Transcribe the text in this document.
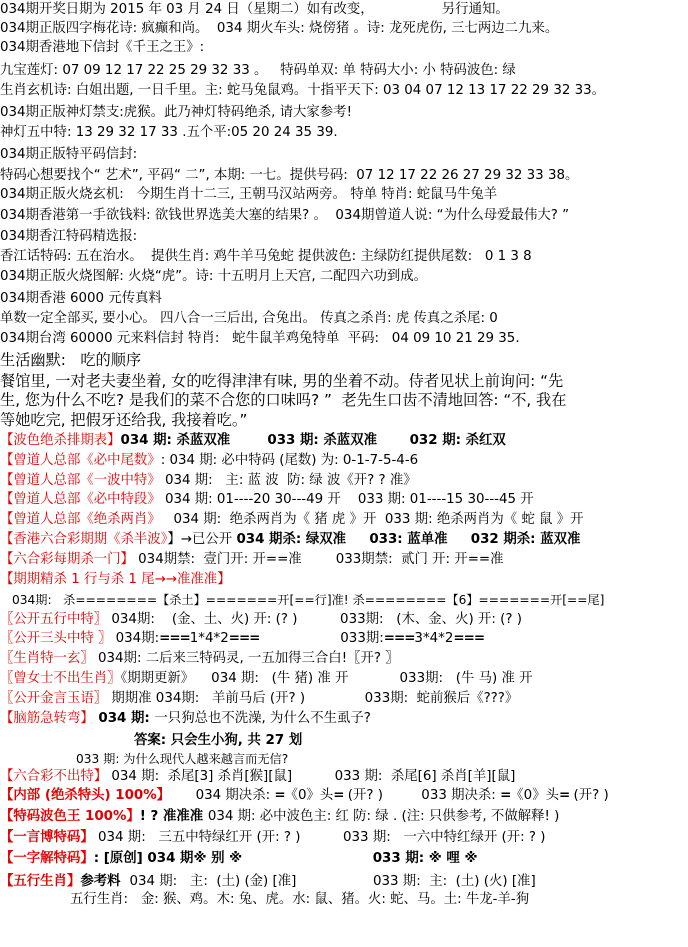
034期开奖日期为 2015 年 03 月 24 日（星期二）如有改变，                另行通知。
034期正版四字梅花诗: 疯癫和尚。  034 期火车头: 烧傍猪 。诗: 龙死虎伤, 三七两边二九来。
034期香港地下信封《千王之王》:
九宝莲灯: 07 09 12 17 22 25 29 32 33 。   特码单双: 单 特码大小: 小 特码波色: 绿
生肖玄机诗: 白姐出题, 一日千里。主: 蛇马兔鼠鸡。十指平天下: 03 04 07 12 13 17 22 29 32 33。
034期正版神灯禁支:虎猴。此乃神灯特码绝杀, 请大家参考!
神灯五中特: 13 29 32 17 33 .五个平:05 20 24 35 39.
034期正版特平码信封:
特码心想要找个“ 艺术”, 平码“ 二”, 本期: 一七。提供号码:  07 12 17 22 26 27 29 32 33 38。
034期正版火烧玄机:   今期生肖十二三, 王朝马汉站两旁。 特单 特肖: 蛇鼠马牛兔羊
034期香港第一手欲钱料: 欲钱世界选美大塞的结果? 。  034期曾道人说: “为什么母爱最伟大? ”
034期香江特码精选报:
香江话特码: 五在治水。  提供生肖: 鸡牛羊马兔蛇 提供波色: 主绿防红提供尾数:   0 1 3 8
034期正版火烧图解: 火烧“虎”。诗: 十五明月上天宫, 二配四六功到成。
034期香港 6000 元传真料
单数一定全部买, 要小心。 四八合一三后出, 合兔出。 传真之杀肖: 虎 传真之杀尾: 0
034期台湾 60000 元来料信封 特肖:   蛇牛鼠羊鸡兔特单  平码:   04 09 10 21 29 35.
生活幽默:   吃的顺序
餐馆里, 一对老夫妻坐着, 女的吃得津津有味, 男的坐着不动。侍者见状上前询问: “先
生, 您为什么不吃? 是我们的菜不合您的口味吗? ”  老先生口齿不清地回答: “不, 我在
等她吃完, 把假牙还给我, 我接着吃。”
【波色绝杀排期表】034 期: 杀蓝双准        033 期: 杀蓝双准       032 期: 杀红双
【曾道人总部《必中尾数》: 034 期: 必中特码 (尾数) 为: 0-1-7-5-4-6
【曾道人总部《一波中特》 034 期:   主: 蓝 波  防: 绿 波《开? ? 准》
【曾道人总部《必中特段》 034 期: 01----20 30---49 开    033 期: 01----15 30---45 开
【曾道人总部《绝杀两肖》   034 期:  绝杀两肖为《 猪 虎 》开  033 期: 绝杀两肖为《 蛇 鼠 》开
【香港六合彩期期《杀半波》】→已公开 034 期杀: 绿双准     033: 蓝单准     032 期杀: 蓝双准
【六合彩每期杀一门】 034期禁:  壹门开: 开==准        033期禁:  贰门 开: 开==准
【期期精杀 1 行与杀 1 尾→→准准准】
034期:   杀========【杀土】=======开[==行]准! 杀========【6】=======开[==尾]
〖公开五行中特〗 034期:    (金、土、火) 开: (? )          033期:   (木、金、火) 开: (? )
〖公开三头中特 〗 034期:===1*4*2===                   033期:===3*4*2===
〖生肖特一玄〗 034期: 二后来三特码灵, 一五加得三合白!〖开? 〗
〖曾女士不出生肖〗《期期更新》    034 期:   (牛 猪) 准 开            033期:   (牛 马) 准 开
〖公开金言玉语〗 期期准 034期:   羊前马后 (开? )              033期:  蛇前猴后《???》
【脑筋急转弯】 034 期: 一只狗总也不洗澡, 为什么不生虱子?
答案: 只会生小狗, 共 27 划
033 期: 为什么现代人越来越言而无信?
【六合彩不出特】 034 期:  杀尾[3] 杀肖[猴][鼠]          033 期:  杀尾[6] 杀肖[羊][鼠]
【内部 (绝杀特头) 100%】      034 期决杀: =《0》头= (开? )         033 期决杀: =《0》头= (开? )
【特码波色王 100%】! ? 准准准 034 期: 必中波色主: 红 防: 绿 . (注: 只供参考, 不做解释! )
【一言博特码】 034 期:   三五中特绿红开 (开: ? )          033 期:   一六中特红绿开 (开: ? )
【一字解特码】: [原创] 034 期※ 别 ※                            033 期: ※ 哩 ※
【五行生肖】参考料  034 期:   主:  (土) (金) [准]                  033 期:  主:  (土) (火) [准]
五行生肖:   金: 猴、鸡。木: 兔、虎。水: 鼠、猪。火: 蛇、马。土: 牛龙-羊-狗
